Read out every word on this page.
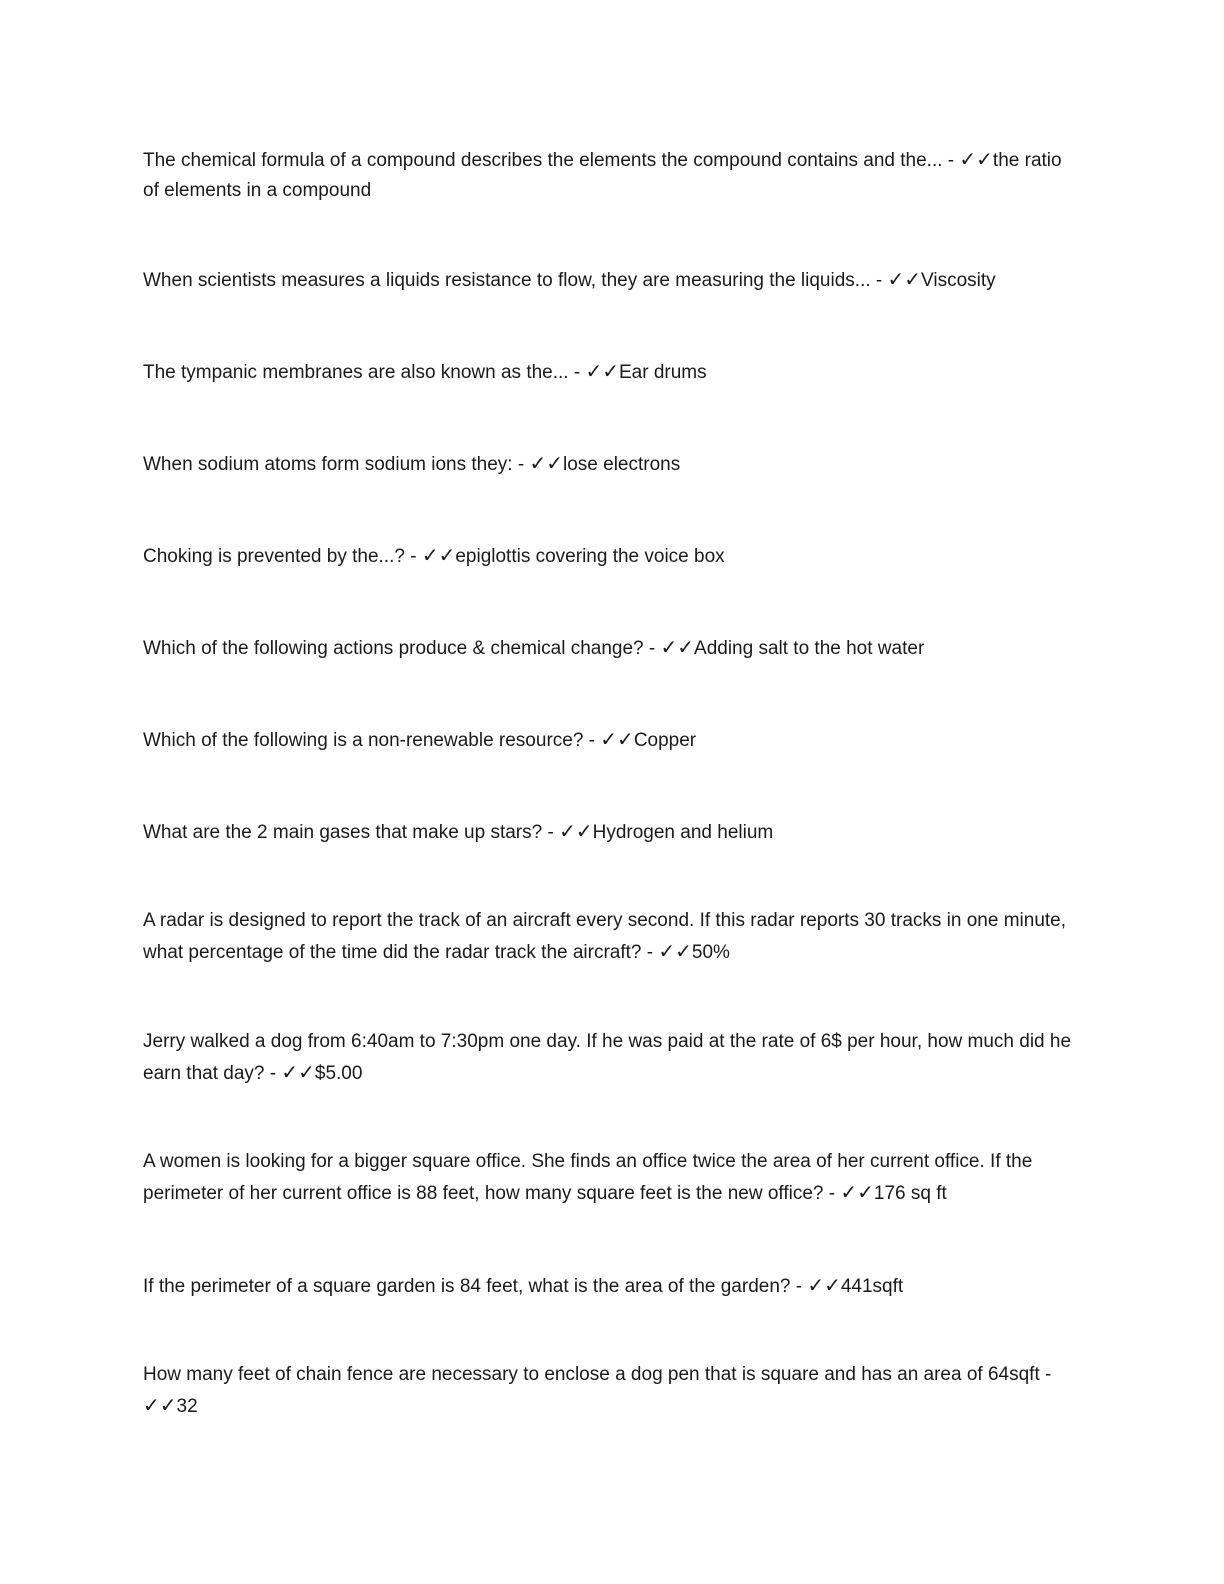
The chemical formula of a compound describes the elements the compound contains and the... - ✓✓the ratio of elements in a compound

When scientists measures a liquids resistance to flow, they are measuring the liquids... - ✓✓Viscosity

The tympanic membranes are also known as the... - ✓✓Ear drums

When sodium atoms form sodium ions they: - ✓✓lose electrons

Choking is prevented by the...? - ✓✓epiglottis covering the voice box

Which of the following actions produce & chemical change? - ✓✓Adding salt to the hot water

Which of the following is a non-renewable resource? - ✓✓Copper

What are the 2 main gases that make up stars? - ✓✓Hydrogen and helium

A radar is designed to report the track of an aircraft every second. If this radar reports 30 tracks in one minute, what percentage of the time did the radar track the aircraft? - ✓✓50%

Jerry walked a dog from 6:40am to 7:30pm one day. If he was paid at the rate of 6$ per hour, how much did he earn that day? - ✓✓$5.00

A women is looking for a bigger square office. She finds an office twice the area of her current office. If the perimeter of her current office is 88 feet, how many square feet is the new office? - ✓✓176 sq ft

If the perimeter of a square garden is 84 feet, what is the area of the garden? - ✓✓441sqft

How many feet of chain fence are necessary to enclose a dog pen that is square and has an area of 64sqft - ✓✓32
